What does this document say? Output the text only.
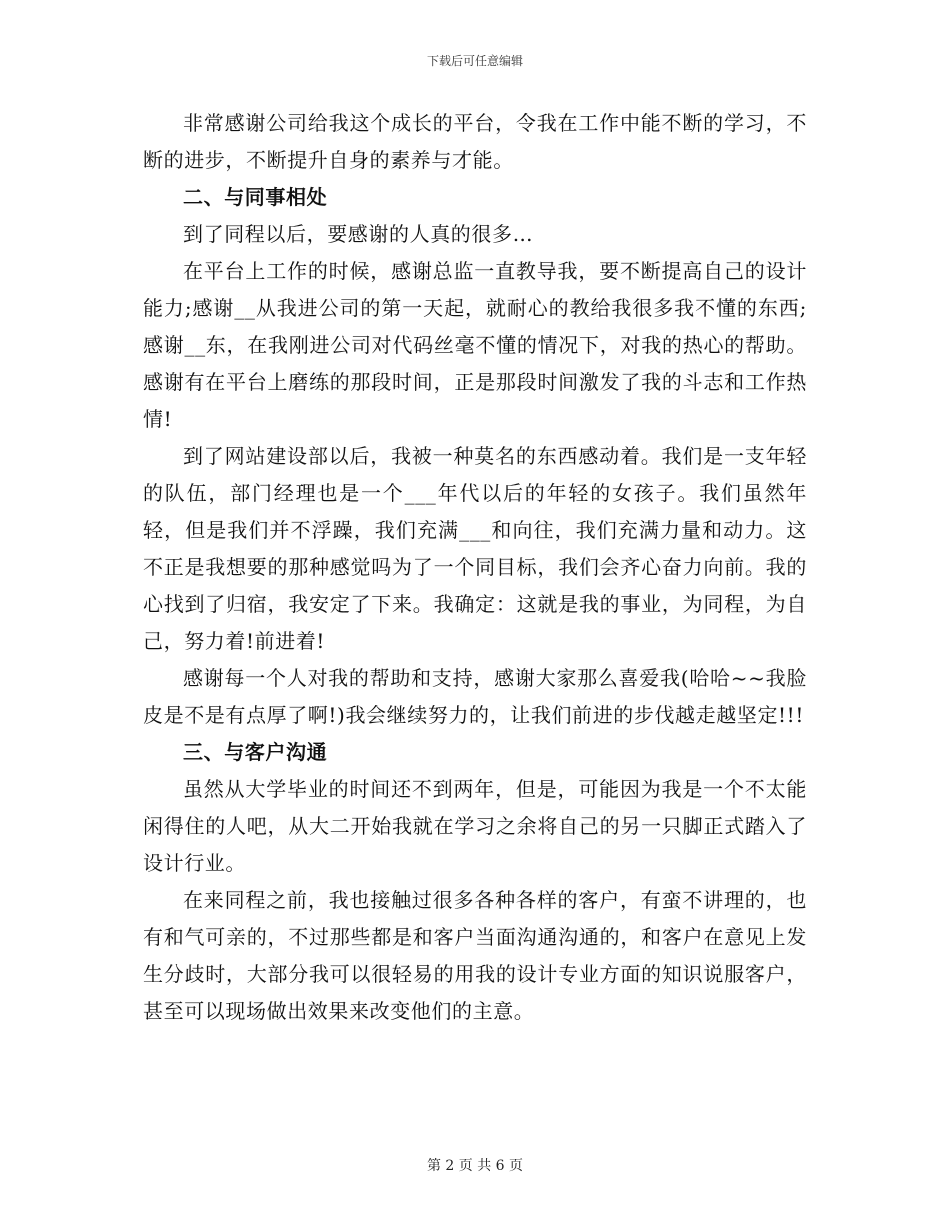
下载后可任意编辑

非常感谢公司给我这个成长的平台，令我在工作中能不断的学习，不断的进步，不断提升自身的素养与才能。

二、与同事相处

到了同程以后，要感谢的人真的很多…

在平台上工作的时候，感谢总监一直教导我，要不断提高自己的设计能力;感谢__从我进公司的第一天起，就耐心的教给我很多我不懂的东西;感谢__东，在我刚进公司对代码丝毫不懂的情况下，对我的热心的帮助。感谢有在平台上磨练的那段时间，正是那段时间激发了我的斗志和工作热情!

到了网站建设部以后，我被一种莫名的东西感动着。我们是一支年轻的队伍，部门经理也是一个___年代以后的年轻的女孩子。我们虽然年轻，但是我们并不浮躁，我们充满___和向往，我们充满力量和动力。这不正是我想要的那种感觉吗为了一个同目标，我们会齐心奋力向前。我的心找到了归宿，我安定了下来。我确定：这就是我的事业，为同程，为自己，努力着!前进着!

感谢每一个人对我的帮助和支持，感谢大家那么喜爱我(哈哈~~我脸皮是不是有点厚了啊!)我会继续努力的，让我们前进的步伐越走越坚定!!!

三、与客户沟通

虽然从大学毕业的时间还不到两年，但是，可能因为我是一个不太能闲得住的人吧，从大二开始我就在学习之余将自己的另一只脚正式踏入了设计行业。

在来同程之前，我也接触过很多各种各样的客户，有蛮不讲理的，也有和气可亲的，不过那些都是和客户当面沟通沟通的，和客户在意见上发生分歧时，大部分我可以很轻易的用我的设计专业方面的知识说服客户，甚至可以现场做出效果来改变他们的主意。

第 2 页 共 6 页
